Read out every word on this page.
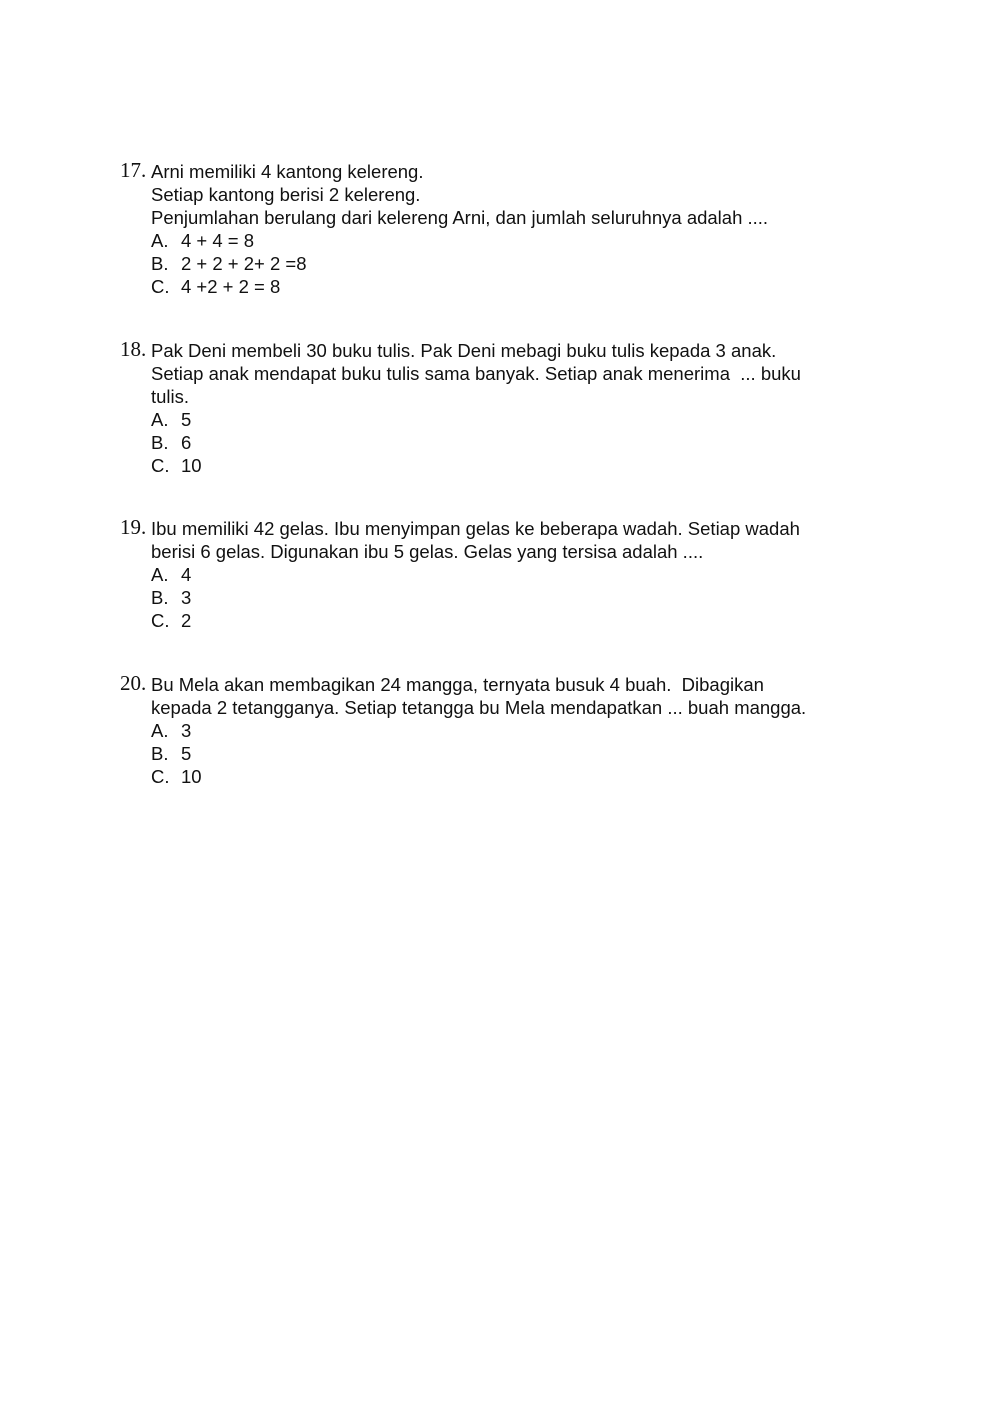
17. Arni memiliki 4 kantong kelereng.
Setiap kantong berisi 2 kelereng.
Penjumlahan berulang dari kelereng Arni, dan jumlah seluruhnya adalah ....
A. 4 + 4 = 8
B. 2 + 2 + 2+ 2 =8
C. 4 +2 + 2 = 8
18. Pak Deni membeli 30 buku tulis. Pak Deni mebagi buku tulis kepada 3 anak.
Setiap anak mendapat buku tulis sama banyak. Setiap anak menerima  ... buku
tulis.
A. 5
B. 6
C. 10
19. Ibu memiliki 42 gelas. Ibu menyimpan gelas ke beberapa wadah. Setiap wadah
berisi 6 gelas. Digunakan ibu 5 gelas. Gelas yang tersisa adalah ....
A. 4
B. 3
C. 2
20. Bu Mela akan membagikan 24 mangga, ternyata busuk 4 buah.  Dibagikan
kepada 2 tetangganya. Setiap tetangga bu Mela mendapatkan ... buah mangga.
A. 3
B. 5
C. 10
